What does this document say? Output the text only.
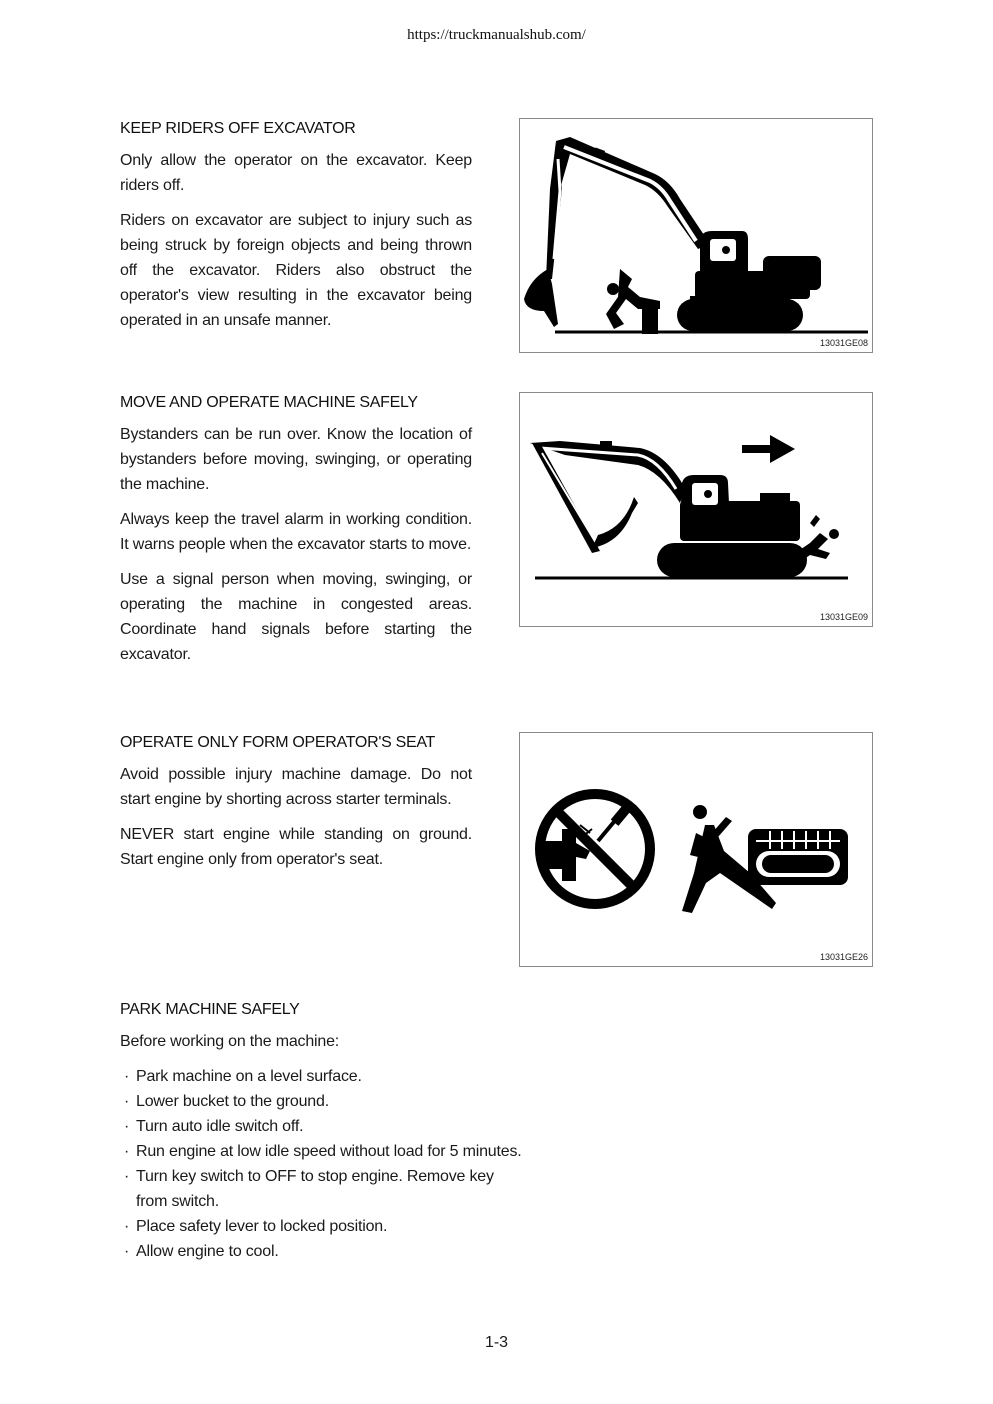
https://truckmanualshub.com/
KEEP RIDERS OFF EXCAVATOR

Only allow the operator on the excavator. Keep riders off.

Riders on excavator are subject to injury such as being struck by foreign objects and being thrown off the excavator. Riders also obstruct the operator's view resulting in the excavator being operated in an unsafe manner.

13031GE08
MOVE AND OPERATE MACHINE SAFELY

Bystanders can be run over. Know the location of bystanders before moving, swinging, or operating the machine.

Always keep the travel alarm in working condition. It warns people when the excavator starts to move.

Use a signal person when moving, swinging, or operating the machine in congested areas. Coordinate hand signals before starting the excavator.

13031GE09
OPERATE ONLY FORM OPERATOR'S SEAT

Avoid possible injury machine damage. Do not start engine by shorting across starter terminals.

NEVER start engine while standing on ground. Start engine only from operator's seat.

13031GE26
PARK MACHINE SAFELY

Before working on the machine:

· Park machine on a level surface.
· Lower bucket to the ground.
· Turn auto idle switch off.
· Run engine at low idle speed without load for 5 minutes.
· Turn key switch to OFF to stop engine. Remove key from switch.
· Place safety lever to locked position.
· Allow engine to cool.
1-3
